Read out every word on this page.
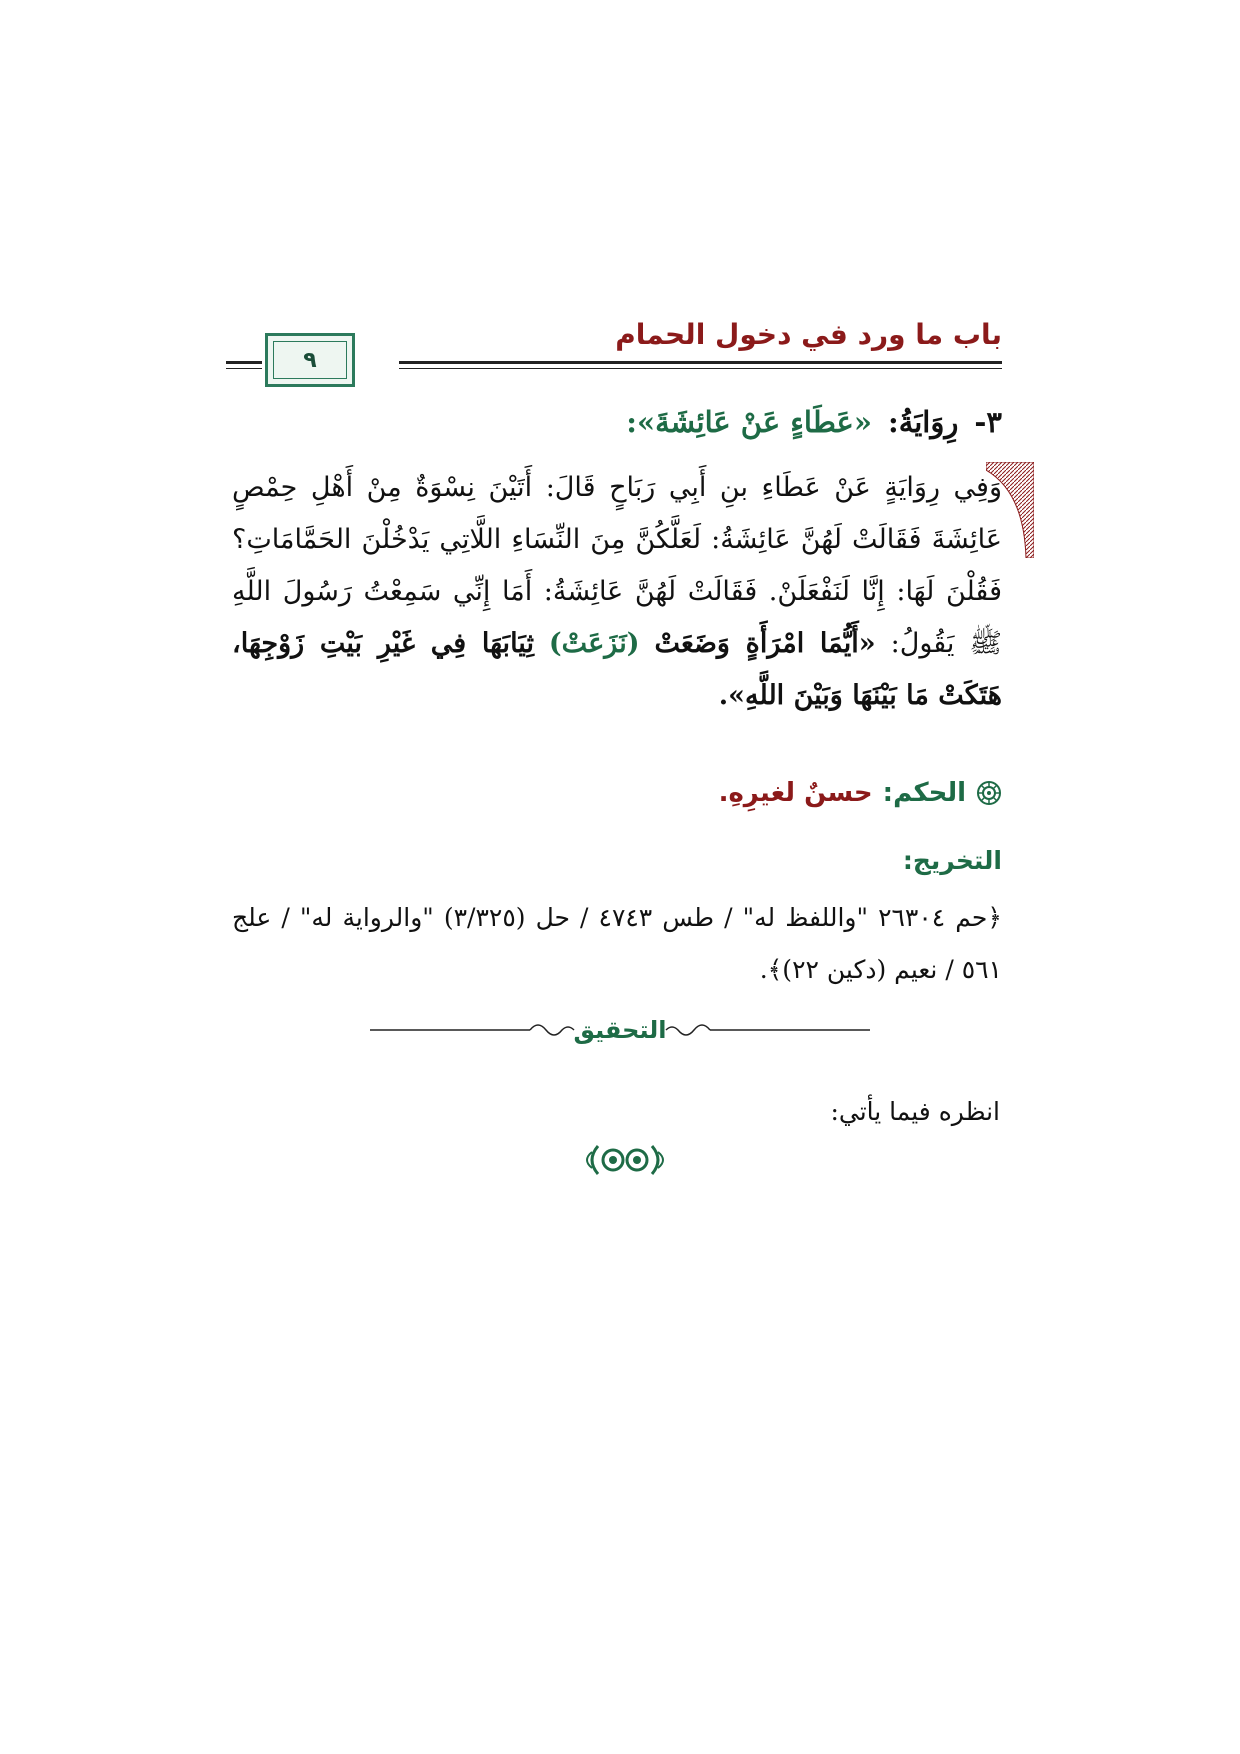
باب ما ورد في دخول الحمام
٩
٣-
رِوَايَةُ:
«عَطَاءٍ عَنْ عَائِشَةَ»:
وَفِي رِوَايَةٍ عَنْ عَطَاءِ بنِ أَبِي رَبَاحٍ قَالَ: أَتَيْنَ نِسْوَةٌ مِنْ أَهْلِ حِمْصٍ عَائِشَةَ فَقَالَتْ لَهُنَّ عَائِشَةُ: لَعَلَّكُنَّ مِنَ النِّسَاءِ اللَّاتِي يَدْخُلْنَ الحَمَّامَاتِ؟ فَقُلْنَ لَهَا: إِنَّا لَنَفْعَلَنْ. فَقَالَتْ لَهُنَّ عَائِشَةُ: أَمَا إِنِّي سَمِعْتُ رَسُولَ اللَّهِ ﷺ يَقُولُ: «أَيُّمَا امْرَأَةٍ وَضَعَتْ (نَزَعَتْ) ثِيَابَهَا فِي غَيْرِ بَيْتِ زَوْجِهَا، هَتَكَتْ مَا بَيْنَهَا وَبَيْنَ اللَّهِ».
الحكم:
حسنٌ لغيرِهِ.
التخريج:
﴿حم ٢٦٣٠٤ "واللفظ له" / طس ٤٧٤٣ / حل (٣/٣٢٥) "والرواية له" / علج ٥٦١ / نعيم (دكين ٢٢)﴾.
التحقيق
انظره فيما يأتي:
